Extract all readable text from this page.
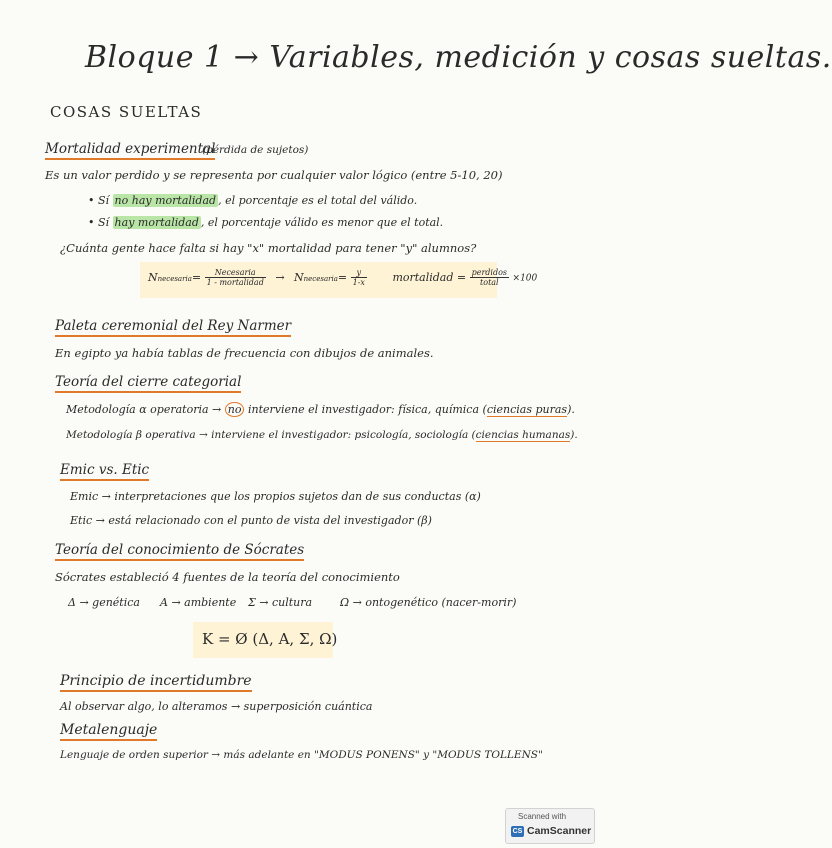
Bloque 1 → Variables, medición y cosas sueltas.
COSAS SUELTAS
Mortalidad experimental
(pérdida de sujetos)
Es un valor perdido y se representa por cualquier valor lógico (entre 5-10, 20)
• Sí no hay mortalidad , el porcentaje es el total del válido.
• Sí hay mortalidad , el porcentaje válido es menor que el total.
¿Cuánta gente hace falta si hay "x" mortalidad para tener "y" alumnos?
Nnecesaria= $\frac{\text{Necesaria}}{\text{1 - mortalidad}}$ → Nnecesaria= $\frac{y}{1-x}$ mortalidad = $\frac{\text{perdidos}}{\text{total}} \times 100$
Paleta ceremonial del Rey Narmer
En egipto ya había tablas de frecuencia con dibujos de animales.
Teoría del cierre categorial
Metodología α operatoria → no interviene el investigador: física, química (ciencias puras).
Metodología β operativa → interviene el investigador: psicología, sociología (ciencias humanas).
Emic vs. Etic
Emic → interpretaciones que los propios sujetos dan de sus conductas (α)
Etic → está relacionado con el punto de vista del investigador (β)
Teoría del conocimiento de Sócrates
Sócrates estableció 4 fuentes de la teoría del conocimiento
Δ → genética A → ambiente Σ → cultura	Ω → ontogenético (nacer-morir)
K = Ø (Δ, A, Σ, Ω)
Principio de incertidumbre
Al observar algo, lo alteramos → superposición cuántica
Metalenguaje
Lenguaje de orden superior → más adelante en "MODUS PONENS" y "MODUS TOLLENS"
Scanned with
CS CamScanner
